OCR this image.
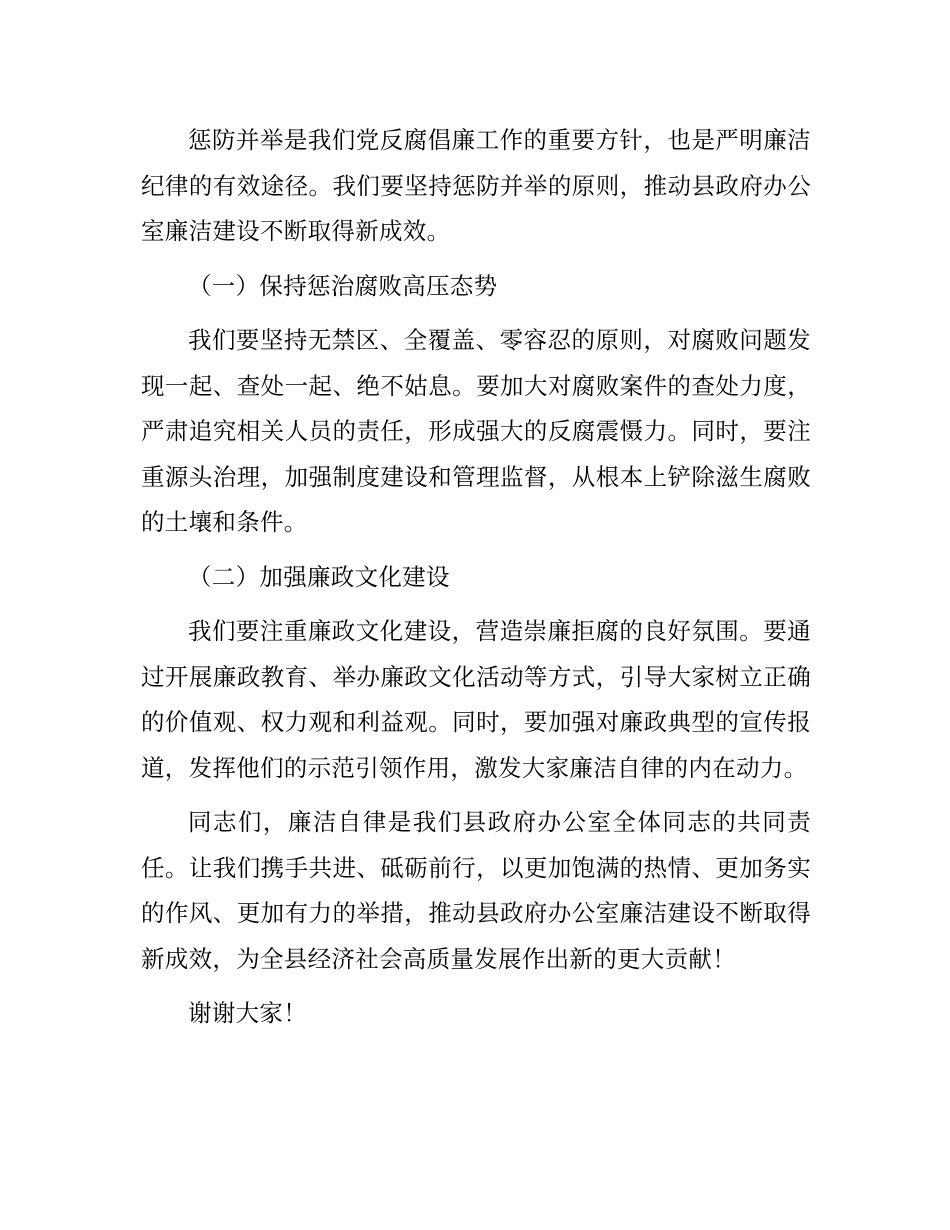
惩防并举是我们党反腐倡廉工作的重要方针，也是严明廉洁纪律的有效途径。我们要坚持惩防并举的原则，推动县政府办公室廉洁建设不断取得新成效。

（一）保持惩治腐败高压态势

我们要坚持无禁区、全覆盖、零容忍的原则，对腐败问题发现一起、查处一起、绝不姑息。要加大对腐败案件的查处力度，严肃追究相关人员的责任，形成强大的反腐震慑力。同时，要注重源头治理，加强制度建设和管理监督，从根本上铲除滋生腐败的土壤和条件。

（二）加强廉政文化建设

我们要注重廉政文化建设，营造崇廉拒腐的良好氛围。要通过开展廉政教育、举办廉政文化活动等方式，引导大家树立正确的价值观、权力观和利益观。同时，要加强对廉政典型的宣传报道，发挥他们的示范引领作用，激发大家廉洁自律的内在动力。

同志们，廉洁自律是我们县政府办公室全体同志的共同责任。让我们携手共进、砥砺前行，以更加饱满的热情、更加务实的作风、更加有力的举措，推动县政府办公室廉洁建设不断取得新成效，为全县经济社会高质量发展作出新的更大贡献！

谢谢大家！
